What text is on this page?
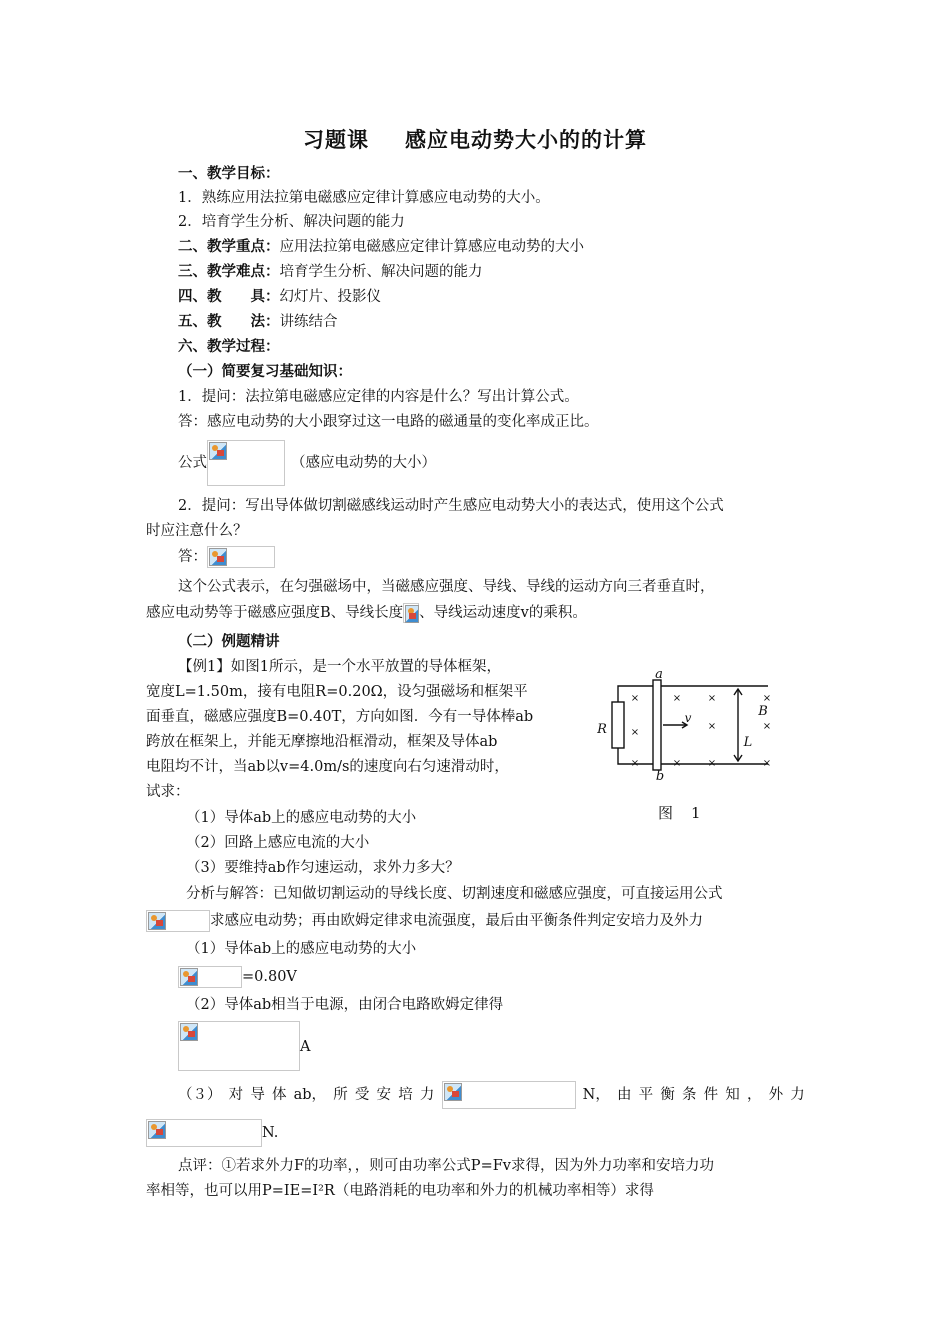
习题课 感应电动势大小的的计算
一、教学目标：
1．熟练应用法拉第电磁感应定律计算感应电动势的大小。
2．培育学生分析、解决问题的能力
二、教学重点：应用法拉第电磁感应定律计算感应电动势的大小
三、教学难点：培育学生分析、解决问题的能力
四、教　　具：幻灯片、投影仪
五、教　　法：讲练结合
六、教学过程：
（一）简要复习基础知识：
1．提问：法拉第电磁感应定律的内容是什么？写出计算公式。
答：感应电动势的大小跟穿过这一电路的磁通量的变化率成正比。
公式	（感应电动势的大小）
2．提问：写出导体做切割磁感线运动时产生感应电动势大小的表达式，使用这个公式
时应注意什么？
答：
这个公式表示，在匀强磁场中，当磁感应强度、导线、导线的运动方向三者垂直时，
感应电动势等于磁感应强度B、导线长度 、导线运动速度v的乘积。
（二）例题精讲
【例1】如图1所示，是一个水平放置的导体框架，
宽度L=1.50m，接有电阻R=0.20Ω，设匀强磁场和框架平
面垂直，磁感应强度B=0.40T，方向如图．今有一导体棒ab
跨放在框架上，并能无摩擦地沿框滑动，框架及导体ab
电阻均不计，当ab以v=4.0m/s的速度向右匀速滑动时，
试求：
×
×
×
×
×
×
×
×
×
×
×
a
b
R
v	B
L
图 1
（1）导体ab上的感应电动势的大小
（2）回路上感应电流的大小
（3）要维持ab作匀速运动，求外力多大？
分析与解答：已知做切割运动的导线长度、切割速度和磁感应强度，可直接运用公式
求感应电动势；再由欧姆定律求电流强度，最后由平衡条件判定安培力及外力
（1）导体ab上的感应电动势的大小
=0.80V
（2）导体ab相当于电源，由闭合电路欧姆定律得
A
（３） 对 导 体 ab， 所 受 安 培 力	N， 由 平 衡 条 件 知 ， 外 力
N.
点评：①若求外力F的功率，，则可由功率公式P=Fv求得，因为外力功率和安培力功
率相等，也可以用P=IE=I²R（电路消耗的电功率和外力的机械功率相等）求得
